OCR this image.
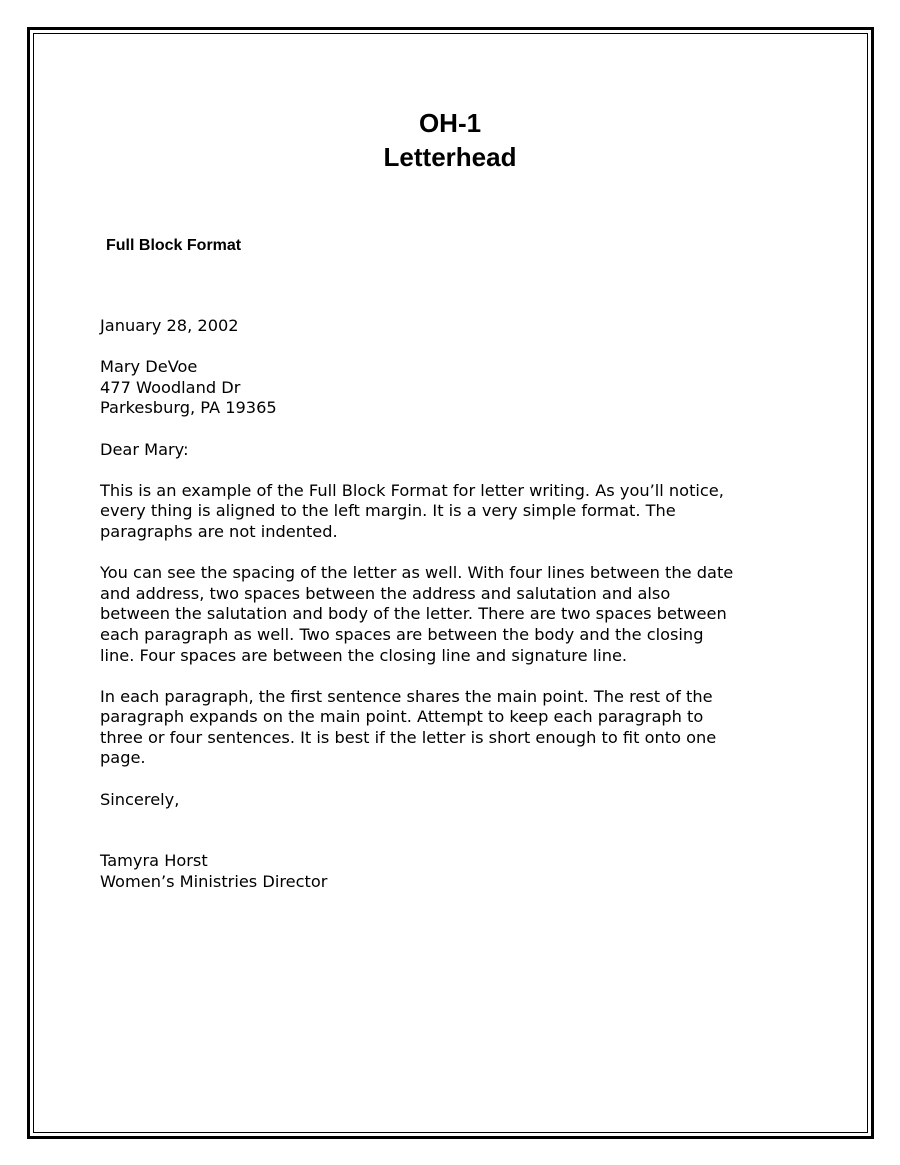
OH-1
Letterhead
Full Block Format
January 28, 2002
Mary DeVoe
477 Woodland Dr
Parkesburg, PA 19365
Dear Mary:
This is an example of the Full Block Format for letter writing. As you’ll notice,
every thing is aligned to the left margin. It is a very simple format. The
paragraphs are not indented.
You can see the spacing of the letter as well. With four lines between the date
and address, two spaces between the address and salutation and also
between the salutation and body of the letter. There are two spaces between
each paragraph as well. Two spaces are between the body and the closing
line. Four spaces are between the closing line and signature line.
In each paragraph, the first sentence shares the main point. The rest of the
paragraph expands on the main point. Attempt to keep each paragraph to
three or four sentences. It is best if the letter is short enough to fit onto one
page.
Sincerely,
Tamyra Horst
Women’s Ministries Director
